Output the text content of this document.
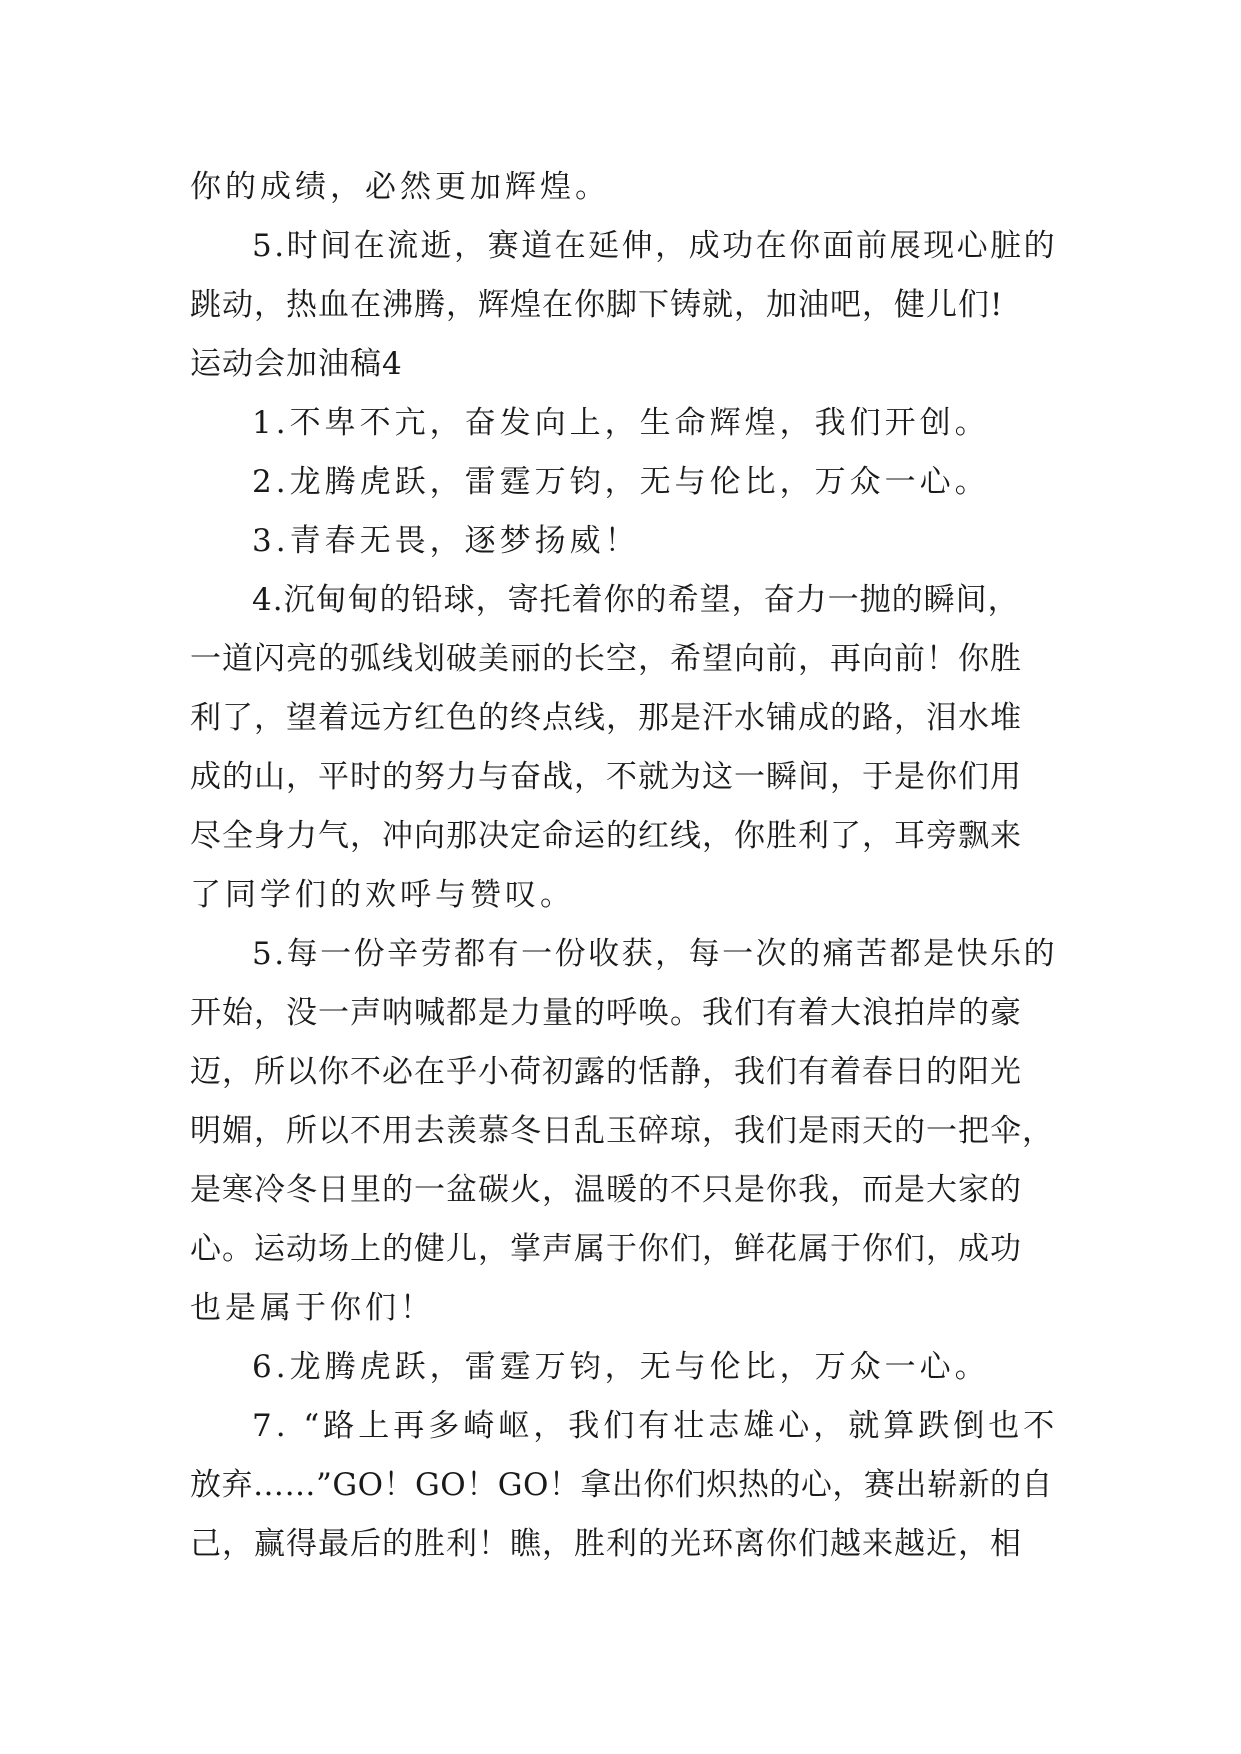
你的成绩，必然更加辉煌。
5.时间在流逝，赛道在延伸，成功在你面前展现心脏的
跳动，热血在沸腾，辉煌在你脚下铸就，加油吧，健儿们!
运动会加油稿4
1.不卑不亢，奋发向上，生命辉煌，我们开创。
2.龙腾虎跃，雷霆万钧，无与伦比，万众一心。
3.青春无畏，逐梦扬威！
4.沉甸甸的铅球，寄托着你的希望，奋力一抛的瞬间，
一道闪亮的弧线划破美丽的长空，希望向前，再向前！你胜
利了，望着远方红色的终点线，那是汗水铺成的路，泪水堆
成的山，平时的努力与奋战，不就为这一瞬间，于是你们用
尽全身力气，冲向那决定命运的红线，你胜利了，耳旁飘来
了同学们的欢呼与赞叹。
5.每一份辛劳都有一份收获，每一次的痛苦都是快乐的
开始，没一声呐喊都是力量的呼唤。我们有着大浪拍岸的豪
迈，所以你不必在乎小荷初露的恬静，我们有着春日的阳光
明媚，所以不用去羡慕冬日乱玉碎琼，我们是雨天的一把伞，
是寒冷冬日里的一盆碳火，温暖的不只是你我，而是大家的
心。运动场上的健儿，掌声属于你们，鲜花属于你们，成功
也是属于你们！
6.龙腾虎跃，雷霆万钧，无与伦比，万众一心。
7. “路上再多崎岖，我们有壮志雄心，就算跌倒也不
放弃……”GO！GO！GO！拿出你们炽热的心，赛出崭新的自
己，赢得最后的胜利！瞧，胜利的光环离你们越来越近，相
